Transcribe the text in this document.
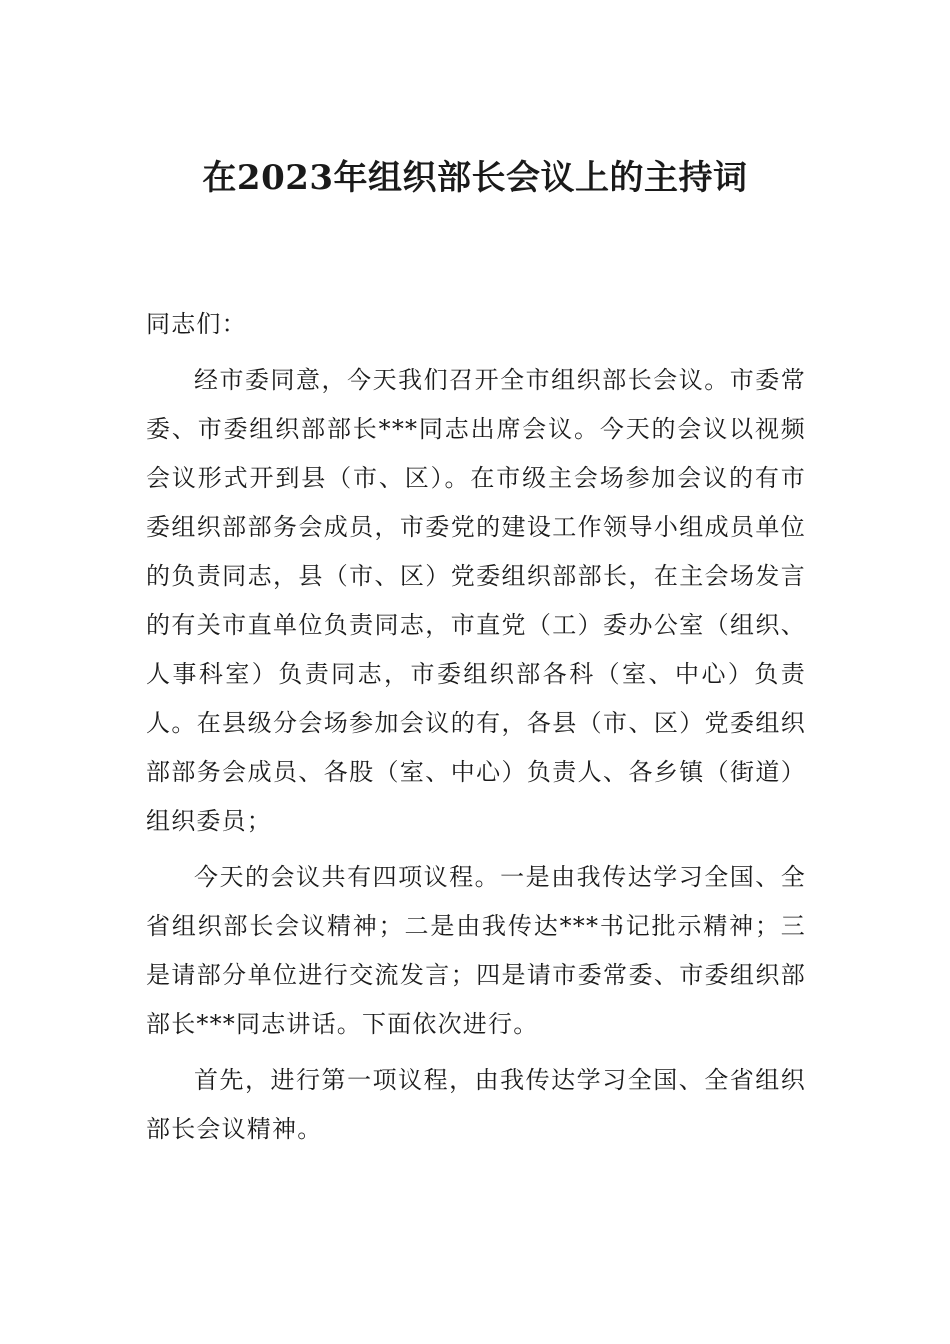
在2023年组织部长会议上的主持词

同志们：

经市委同意，今天我们召开全市组织部长会议。市委常委、市委组织部部长***同志出席会议。今天的会议以视频会议形式开到县（市、区）。在市级主会场参加会议的有市委组织部部务会成员，市委党的建设工作领导小组成员单位的负责同志，县（市、区）党委组织部部长，在主会场发言的有关市直单位负责同志，市直党（工）委办公室（组织、人事科室）负责同志，市委组织部各科（室、中心）负责人。在县级分会场参加会议的有，各县（市、区）党委组织部部务会成员、各股（室、中心）负责人、各乡镇（街道）组织委员；

今天的会议共有四项议程。一是由我传达学习全国、全省组织部长会议精神；二是由我传达***书记批示精神；三是请部分单位进行交流发言；四是请市委常委、市委组织部部长***同志讲话。下面依次进行。

首先，进行第一项议程，由我传达学习全国、全省组织部长会议精神。
